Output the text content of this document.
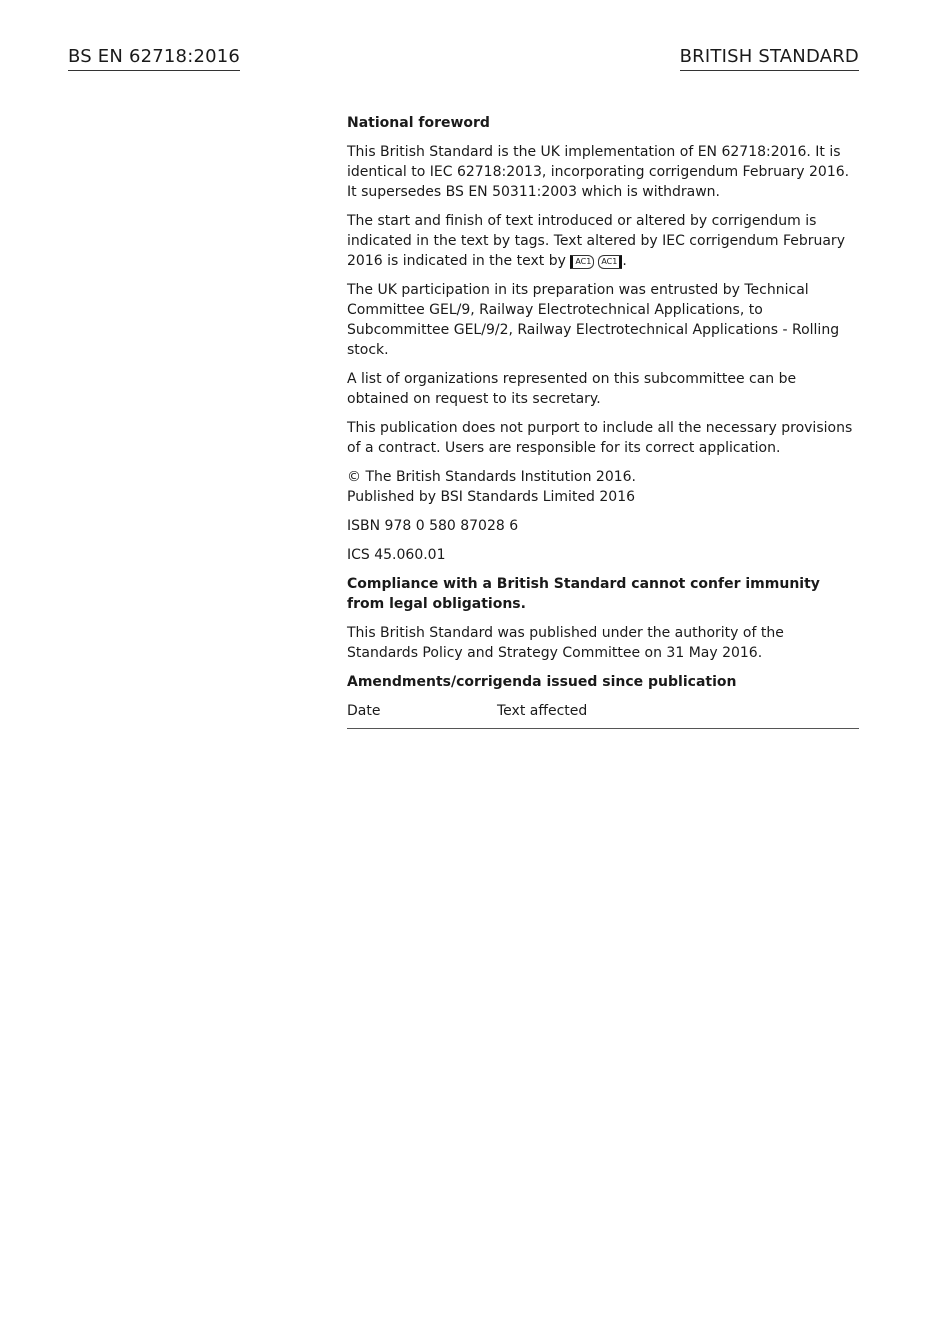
BS EN 62718:2016	BRITISH STANDARD

National foreword

This British Standard is the UK implementation of EN 62718:2016. It is identical to IEC 62718:2013, incorporating corrigendum February 2016. It supersedes BS EN 50311:2003 which is withdrawn.

The start and finish of text introduced or altered by corrigendum is indicated in the text by tags. Text altered by IEC corrigendum February 2016 is indicated in the text by AC1 AC1 .

The UK participation in its preparation was entrusted by Technical Committee GEL/9, Railway Electrotechnical Applications, to Subcommittee GEL/9/2, Railway Electrotechnical Applications - Rolling stock.

A list of organizations represented on this subcommittee can be obtained on request to its secretary.

This publication does not purport to include all the necessary provisions of a contract. Users are responsible for its correct application.

© The British Standards Institution 2016.
Published by BSI Standards Limited 2016

ISBN 978 0 580 87028 6

ICS 45.060.01

Compliance with a British Standard cannot confer immunity from legal obligations.

This British Standard was published under the authority of the Standards Policy and Strategy Committee on 31 May 2016.

Amendments/corrigenda issued since publication

Date	Text affected
